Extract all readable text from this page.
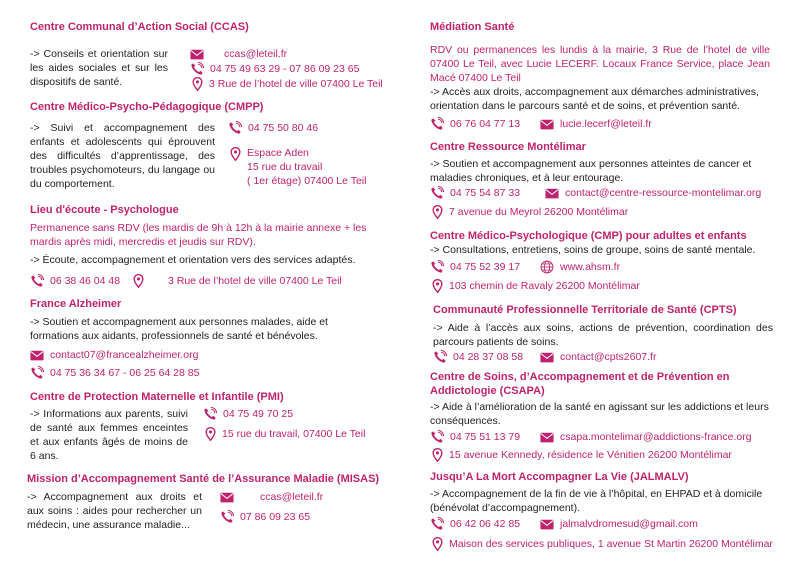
Centre Communal d’Action Social (CCAS)
-> Conseils et orientation sur les aides sociales et sur les dispositifs de santé.
ccas@leteil.fr
04 75 49 63 29 - 07 86 09 23 65
3 Rue de l’hotel de ville 07400 Le Teil
Centre Médico-Psycho-Pédagogique (CMPP)
-> Suivi et accompagnement des enfants et adolescents qui éprouvent des difficultés d’apprentissage, des troubles psychomoteurs, du langage ou du comportement.
04 75 50 80 46
Espace Aden
15 rue du travail
( 1er étage) 07400 Le Teil
Lieu d'écoute - Psychologue
Permanence sans RDV (les mardis de 9h à 12h à la mairie annexe + les mardis après midi, mercredis et jeudis sur RDV).
-> Écoute, accompagnement et orientation vers des services adaptés.
06 38 46 04 48	3 Rue de l’hotel de ville 07400 Le Teil
France Alzheimer
-> Soutien et accompagnement aux personnes malades, aide et formations aux aidants, professionnels de santé et bénévoles.
contact07@francealzheimer.org
04 75 36 34 67 - 06 25 64 28 85
Centre de Protection Maternelle et Infantile (PMI)
-> Informations aux parents, suivi de santé aux femmes enceintes et aux enfants âgés de moins de 6 ans.
04 75 49 70 25
15 rue du travail, 07400 Le Teil
Mission d’Accompagnement Santé de l’Assurance Maladie (MISAS)
-> Accompagnement aux droits et aux soins : aides pour rechercher un médecin, une assurance maladie...
ccas@leteil.fr
07 86 09 23 65
Médiation Santé
RDV ou permanences les lundis à la mairie, 3 Rue de l’hotel de ville 07400 Le Teil, avec Lucie LECERF. Locaux France Service, place Jean Macé 07400 Le Teil
-> Accès aux droits, accompagnement aux démarches administratives, orientation dans le parcours santé et de soins, et prévention santé.
06 76 04 77 13	lucie.lecerf@leteil.fr
Centre Ressource Montélimar
-> Soutien et accompagnement aux personnes atteintes de cancer et maladies chroniques, et à leur entourage.
04 75 54 87 33	contact@centre-ressource-montelimar.org
7 avenue du Meyrol 26200 Montélimar
Centre Médico-Psychologique (CMP) pour adultes et enfants
-> Consultations, entretiens, soins de groupe, soins de santé mentale.
04 75 52 39 17	www.ahsm.fr
103 chemin de Ravaly 26200 Montélimar
Communauté Professionnelle Territoriale de Santé (CPTS)
-> Aide à l’accès aux soins, actions de prévention, coordination des parcours patients de soins.
04 28 37 08 58	contact@cpts2607.fr
Centre de Soins, d’Accompagnement et de Prévention en Addictologie (CSAPA)
-> Aide à l’amélioration de la santé en agissant sur les addictions et leurs conséquences.
04 75 51 13 79	csapa.montelimar@addictions-france.org
15 avenue Kennedy, résidence le Vénitien 26200 Montélimar
Jusqu’A La Mort Accompagner La Vie (JALMALV)
-> Accompagnement de la fin de vie à l’hôpital, en EHPAD et à domicile (bénévolat d’accompagnement).
06 42 06 42 85	jalmalvdromesud@gmail.com
Maison des services publiques, 1 avenue St Martin 26200 Montélimar
